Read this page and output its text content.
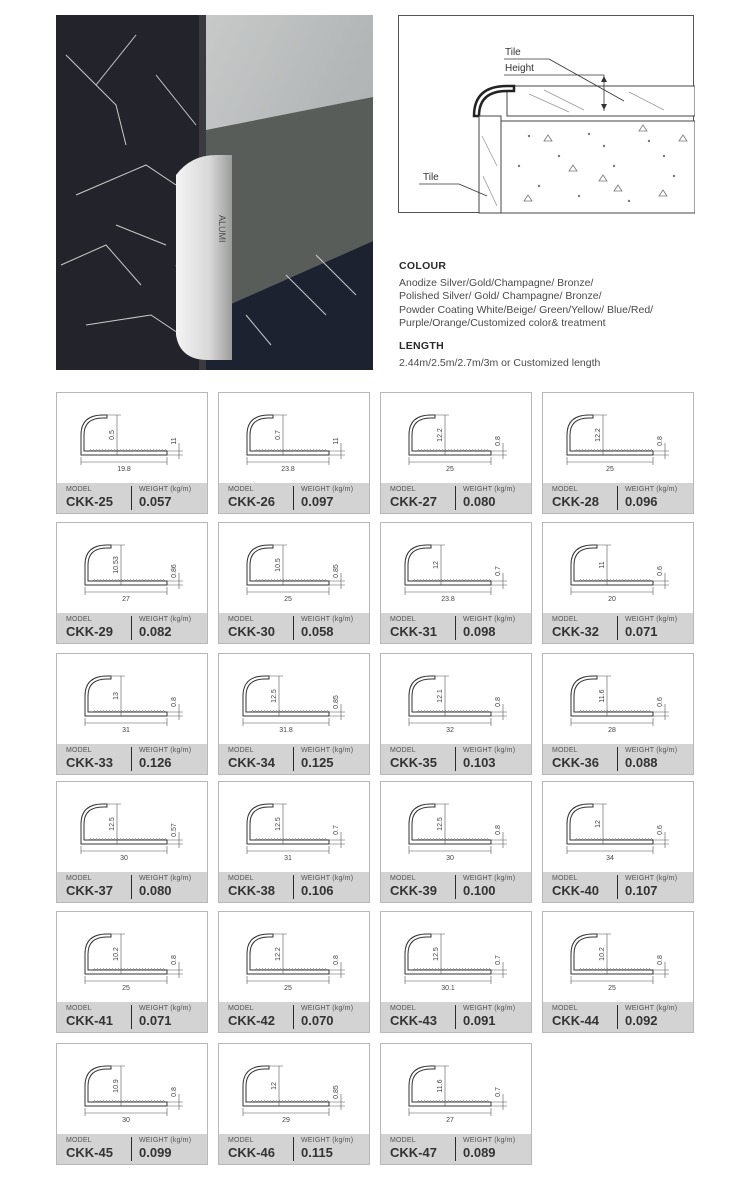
ALUMI
Tile
Height
Tile
COLOUR
Anodize Silver/Gold/Champagne/ Bronze/
Polished Silver/ Gold/ Champagne/ Bronze/
Powder Coating White/Beige/ Green/Yellow/ Blue/Red/
Purple/Orange/Customized color& treatment
LENGTH
2.44m/2.5m/2.7m/3m or Customized length
0.5
11
19.8
MODEL
CKK-25
WEIGHT (kg/m)
0.057
0.7
11
23.8
MODEL
CKK-26
WEIGHT (kg/m)
0.097
12.2	0.8
25
MODEL
CKK-27
WEIGHT (kg/m)
0.080
12.2	0.8
25
MODEL
CKK-28
WEIGHT (kg/m)
0.096
10.53	0.86
27
MODEL
CKK-29
WEIGHT (kg/m)
0.082
10.5	0.85
25
MODEL
CKK-30
WEIGHT (kg/m)
0.058
12
0.7
23.8
MODEL
CKK-31
WEIGHT (kg/m)
0.098
11
0.6
20
MODEL
CKK-32
WEIGHT (kg/m)
0.071
13
0.8
31
MODEL
CKK-33
WEIGHT (kg/m)
0.126
12.5	0.85
31.8
MODEL
CKK-34
WEIGHT (kg/m)
0.125
12.1	0.8
32
MODEL
CKK-35
WEIGHT (kg/m)
0.103
11.6	0.6
28
MODEL
CKK-36
WEIGHT (kg/m)
0.088
12.5	0.57
30
MODEL
CKK-37
WEIGHT (kg/m)
0.080
12.5	0.7
31
MODEL
CKK-38
WEIGHT (kg/m)
0.106
12.5	0.8
30
MODEL
CKK-39
WEIGHT (kg/m)
0.100
12
0.6
34
MODEL
CKK-40
WEIGHT (kg/m)
0.107
10.2	0.8
25
MODEL
CKK-41
WEIGHT (kg/m)
0.071
12.2	0.8
25
MODEL
CKK-42
WEIGHT (kg/m)
0.070
12.5	0.7
30.1
MODEL
CKK-43
WEIGHT (kg/m)
0.091
10.2	0.8
25
MODEL
CKK-44
WEIGHT (kg/m)
0.092
10.9	0.8
30
MODEL
CKK-45
WEIGHT (kg/m)
0.099
12	0.85
29
MODEL
CKK-46
WEIGHT (kg/m)
0.115
11.6	0.7
27
MODEL
CKK-47
WEIGHT (kg/m)
0.089
